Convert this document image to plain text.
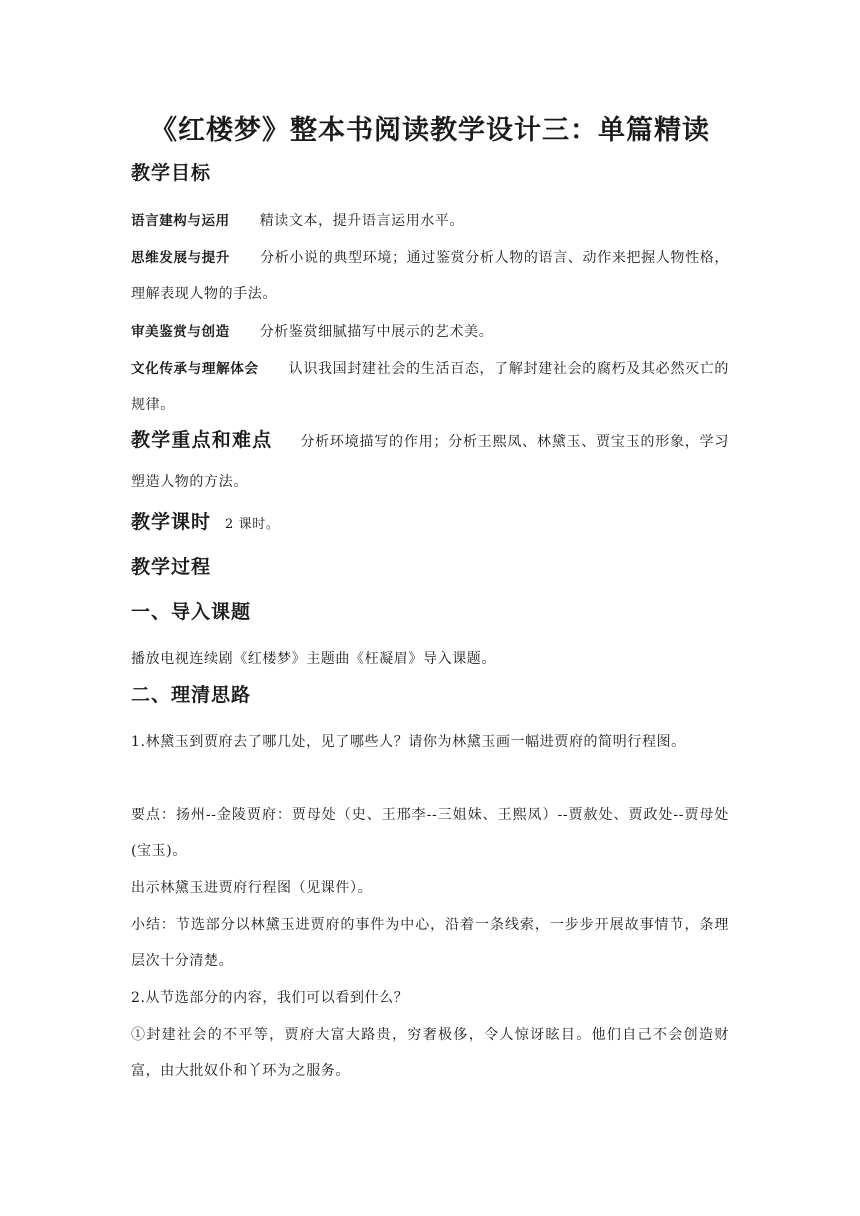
《红楼梦》整本书阅读教学设计三：单篇精读
教学目标
语言建构与运用 精读文本，提升语言运用水平。
思维发展与提升 分析小说的典型环境；通过鉴赏分析人物的语言、动作来把握人物性格，理解表现人物的手法。
审美鉴赏与创造 分析鉴赏细腻描写中展示的艺术美。
文化传承与理解体会 认识我国封建社会的生活百态，了解封建社会的腐朽及其必然灭亡的规律。
教学重点和难点 分析环境描写的作用；分析王熙凤、林黛玉、贾宝玉的形象，学习塑造人物的方法。
教学课时 2 课时。
教学过程
一、导入课题
播放电视连续剧《红楼梦》主题曲《枉凝眉》导入课题。
二、理清思路
1.林黛玉到贾府去了哪几处，见了哪些人？请你为林黛玉画一幅进贾府的简明行程图。
要点：扬州--金陵贾府：贾母处（史、王邢李--三姐妹、王熙凤）--贾赦处、贾政处--贾母处(宝玉)。
出示林黛玉进贾府行程图（见课件）。
小结：节选部分以林黛玉进贾府的事件为中心，沿着一条线索，一步步开展故事情节，条理层次十分清楚。
2.从节选部分的内容，我们可以看到什么？
①封建社会的不平等，贾府大富大路贵，穷奢极侈，令人惊讶眩目。他们自己不会创造财富，由大批奴仆和丫环为之服务。
